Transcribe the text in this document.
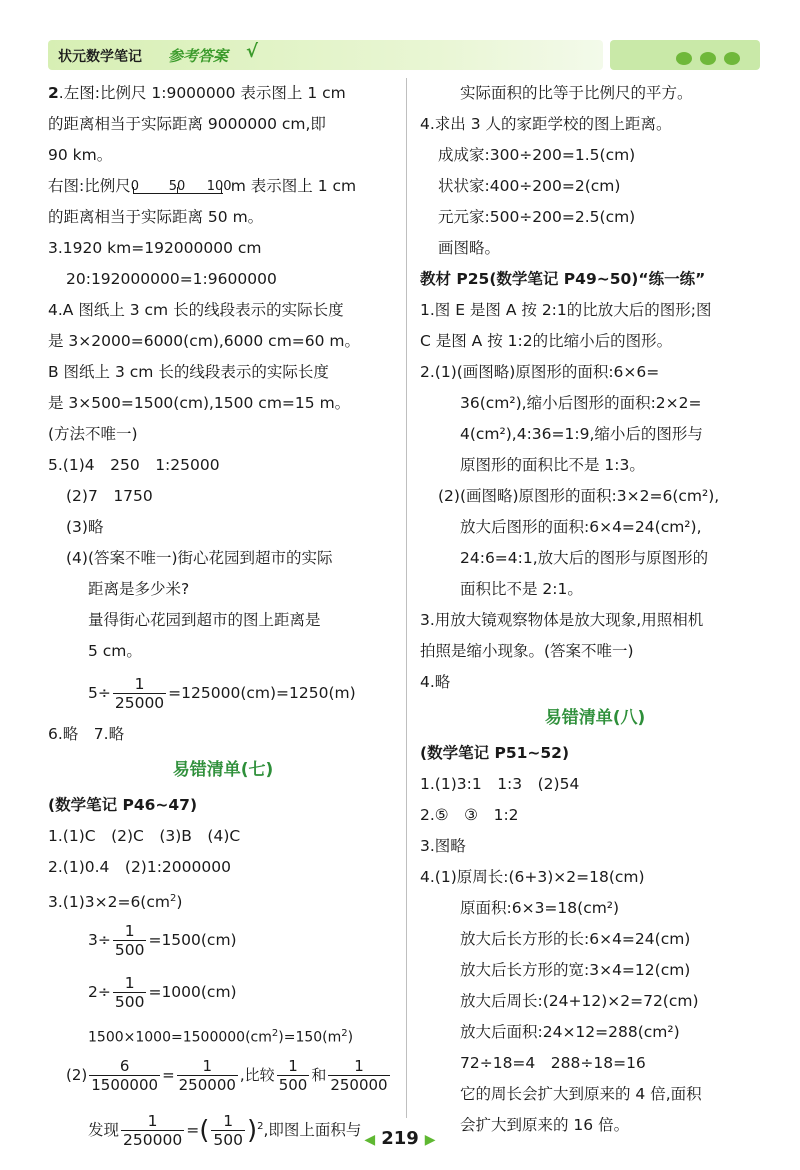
状元数学笔记 参考答案 √
2.左图:比例尺 1:9000000 表示图上 1 cm
的距离相当于实际距离 9000000 cm,即
90 km。
右图:比例尺 0 50 100 m 表示图上 1 cm
的距离相当于实际距离 50 m。
3.1920 km=192000000 cm
20:192000000=1:9600000
4.A 图纸上 3 cm 长的线段表示的实际长度
是 3×2000=6000(cm),6000 cm=60 m。
B 图纸上 3 cm 长的线段表示的实际长度
是 3×500=1500(cm),1500 cm=15 m。
(方法不唯一)
5.(1)4　250　1:25000
(2)7　1750
(3)略
(4)(答案不唯一)街心花园到超市的实际
距离是多少米?
量得街心花园到超市的图上距离是
5 cm。
$5\div \frac{1}{25000} =125000(cm)=1250(m)$
6.略　7.略
易错清单(七)
(数学笔记 P46~47)
1.(1)C　(2)C　(3)B　(4)C
2.(1)0.4　(2)1:2000000
$3.(1)3\times 2=6(cm^2)$
$3\div \frac{1}{500} =1500(cm)$
$2\div \frac{1}{500} =1000(cm)$
$1500\times 1000=1500000(cm^2)=150(m^2)$
$(2) \frac{6}{1500000} = \frac{1}{250000}$ ,比较 $\frac{1}{500}$ 和 $\frac{1}{250000}$
发现 $\frac{1}{250000}$ =( $\frac{1}{500} )^2$,即图上面积与
实际面积的比等于比例尺的平方。
4.求出 3 人的家距学校的图上距离。
成成家:300÷200=1.5(cm)
状状家:400÷200=2(cm)
元元家:500÷200=2.5(cm)
画图略。
教材 P25(数学笔记 P49~50)“练一练”
1.图 E 是图 A 按 2:1的比放大后的图形;图
C 是图 A 按 1:2的比缩小后的图形。
2.(1)(画图略)原图形的面积:6×6=
36(cm²),缩小后图形的面积:2×2=
4(cm²),4:36=1:9,缩小后的图形与
原图形的面积比不是 1:3。
(2)(画图略)原图形的面积:3×2=6(cm²),
放大后图形的面积:6×4=24(cm²),
24:6=4:1,放大后的图形与原图形的
面积比不是 2:1。
3.用放大镜观察物体是放大现象,用照相机
拍照是缩小现象。(答案不唯一)
4.略
易错清单(八)
(数学笔记 P51~52)
1.(1)3:1　1:3　(2)54
2.⑤　③　1:2
3.图略
4.(1)原周长:(6+3)×2=18(cm)
原面积:6×3=18(cm²)
放大后长方形的长:6×4=24(cm)
放大后长方形的宽:3×4=12(cm)
放大后周长:(24+12)×2=72(cm)
放大后面积:24×12=288(cm²)
72÷18=4　288÷18=16
它的周长会扩大到原来的 4 倍,面积
会扩大到原来的 16 倍。
◀ 219 ▶
